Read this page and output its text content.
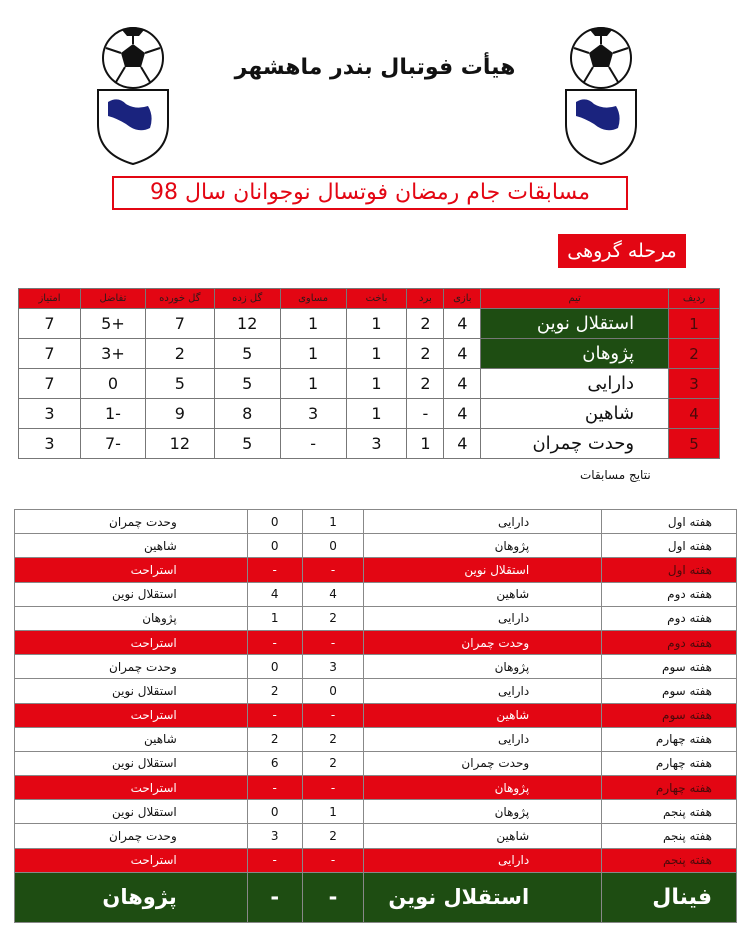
هیأت فوتبال بندر ماهشهر
مسابقات جام رمضان فوتسال نوجوانان سال 98
مرحله گروهی
ردیف	تیم	بازی	برد	باخت	مساوی	گل زده	گل خورده	تفاضل	امتیاز
1	استقلال نوین	4	2	1	1	12	7	+5	7
2	پژوهان	4	2	1	1	5	2	+3	7
3	دارایی	4	2	1	1	5	5	0	7
4	شاهین	4	-	1	3	8	9	-1	3
5	وحدت چمران	4	1	3	-	5	12	-7	3
نتایج مسابقات
هفته اول	دارایی	1	0	وحدت چمران
هفته اول	پژوهان	0	0	شاهین
هفته اول	استقلال نوین	-	-	استراحت
هفته دوم	شاهین	4	4	استقلال نوین
هفته دوم	دارایی	2	1	پژوهان
هفته دوم	وحدت چمران	-	-	استراحت
هفته سوم	پژوهان	3	0	وحدت چمران
هفته سوم	دارایی	0	2	استقلال نوین
هفته سوم	شاهین	-	-	استراحت
هفته چهارم	دارایی	2	2	شاهین
هفته چهارم	وحدت چمران	2	6	استقلال نوین
هفته چهارم	پژوهان	-	-	استراحت
هفته پنجم	پژوهان	1	0	استقلال نوین
هفته پنجم	شاهین	2	3	وحدت چمران
هفته پنجم	دارایی	-	-	استراحت
فینال	استقلال نوین	-	-	پژوهان
